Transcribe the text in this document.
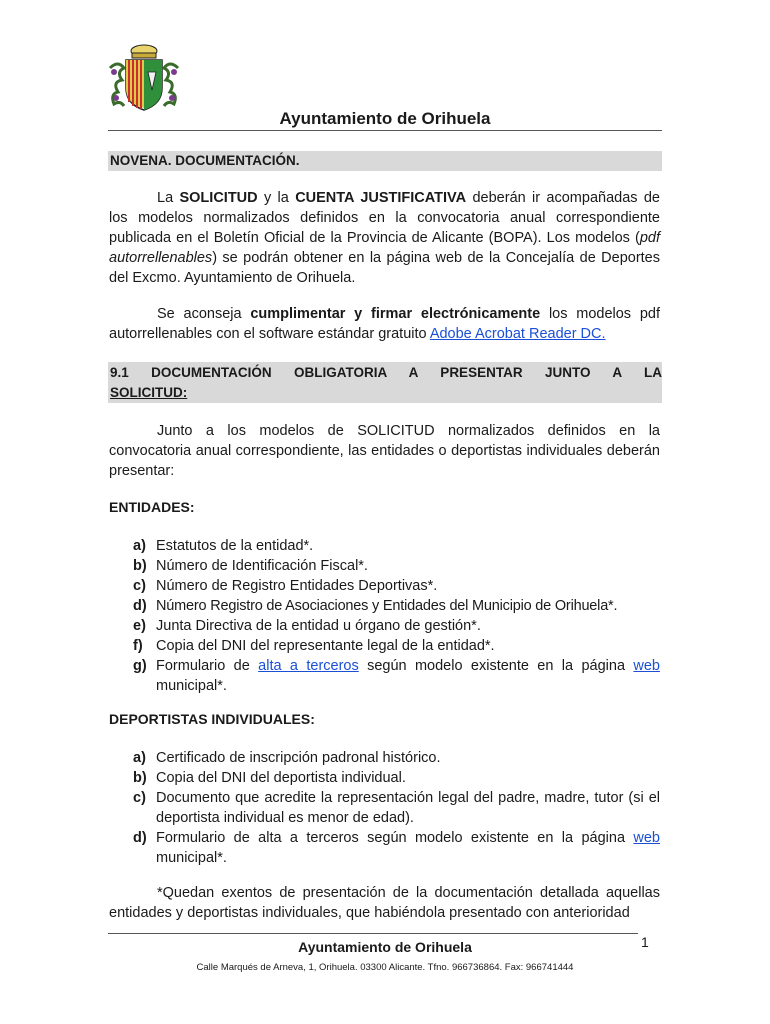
Ayuntamiento de Orihuela
NOVENA. DOCUMENTACIÓN.
La SOLICITUD y la CUENTA JUSTIFICATIVA deberán ir acompañadas de los modelos normalizados definidos en la convocatoria anual correspondiente publicada en el Boletín Oficial de la Provincia de Alicante (BOPA). Los modelos (pdf autorrellenables) se podrán obtener en la página web de la Concejalía de Deportes del Excmo. Ayuntamiento de Orihuela.
Se aconseja cumplimentar y firmar electrónicamente los modelos pdf autorrellenables con el software estándar gratuito Adobe Acrobat Reader DC.
9.1 DOCUMENTACIÓN OBLIGATORIA A PRESENTAR JUNTO A LA
SOLICITUD:
Junto a los modelos de SOLICITUD normalizados definidos en la convocatoria anual correspondiente, las entidades o deportistas individuales deberán presentar:
ENTIDADES:
a) Estatutos de la entidad*.
b) Número de Identificación Fiscal*.
c) Número de Registro Entidades Deportivas*.
d) Número Registro de Asociaciones y Entidades del Municipio de Orihuela*.
e) Junta Directiva de la entidad u órgano de gestión*.
f) Copia del DNI del representante legal de la entidad*.
g) Formulario de alta a terceros según modelo existente en la página web municipal*.
DEPORTISTAS INDIVIDUALES:
a) Certificado de inscripción padronal histórico.
b) Copia del DNI del deportista individual.
c) Documento que acredite la representación legal del padre, madre, tutor (si el deportista individual es menor de edad).
d) Formulario de alta a terceros según modelo existente en la página web municipal*.
*Quedan exentos de presentación de la documentación detallada aquellas entidades y deportistas individuales, que habiéndola presentado con anterioridad
1
Ayuntamiento de Orihuela
Calle Marqués de Arneva, 1, Orihuela. 03300 Alicante. Tfno. 966736864. Fax: 966741444
